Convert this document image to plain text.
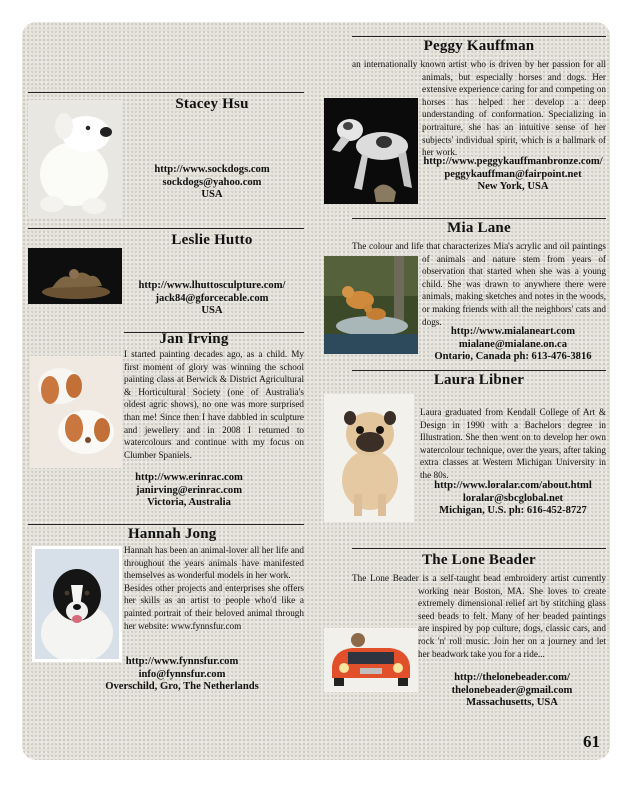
Peggy Kauffman
an internationally known artist who is driven by her passion for all animals, but especially horses and dogs. Her extensive experience caring for and competing on horses has helped her develop a deep understanding of conformation. Specializing in portraiture, she has an intuitive sense of her subjects' individual spirit, which is a hallmark of her work.
http://www.peggykauffmanbronze.com/
peggykauffman@fairpoint.net
New York, USA
Stacey Hsu
http://www.sockdogs.com
sockdogs@yahoo.com
USA
Mia Lane
The colour and life that characterizes Mia's acrylic and oil paintings of animals and nature stem from years of observation that started when she was a young child. She was drawn to anywhere there were animals, making sketches and notes in the woods, or making friends with all the neighbors' cats and dogs.
http://www.mialaneart.com
mialane@mialane.on.ca
Ontario, Canada ph: 613-476-3816
Leslie Hutto
http://www.lhuttosculpture.com/
jack84@gforcecable.com
USA
Jan Irving
I started painting decades ago, as a child. My first moment of glory was winning the school painting class at Berwick & District Agricultural & Horticultural Society (one of Australia's oldest agric shows), no one was more surprised than me! Since then I have dabbled in sculpture and jewellery and in 2008 I returned to watercolours and continue with my focus on Clumber Spaniels.
http://www.erinrac.com
janirving@erinrac.com
Victoria, Australia
Laura Libner
Laura graduated from Kendall College of Art & Design in 1990 with a Bachelors degree in Illustration. She then went on to develop her own watercolour technique, over the years, after taking extra classes at Western Michigan University in the 80s.
http://www.loralar.com/about.html
loralar@sbcglobal.net
Michigan, U.S. ph: 616-452-8727
Hannah Jong
Hannah has been an animal-lover all her life and throughout the years animals have manifested themselves as wonderful models in her work.
Besides other projects and enterprises she offers her skills as an artist to people who'd like a painted portrait of their beloved animal through her website: www.fynnsfur.com
http://www.fynnsfur.com
info@fynnsfur.com
Overschild, Gro, The Netherlands
The Lone Beader
The Lone Beader is a self-taught bead embroidery artist currently working near Boston, MA. She loves to create extremely dimensional relief art by stitching glass seed beads to felt. Many of her beaded paintings are inspired by pop culture, dogs, classic cars, and rock 'n' roll music. Join her on a journey and let her beadwork take you for a ride...
http://thelonebeader.com/
thelonebeader@gmail.com
Massachusetts, USA
61
